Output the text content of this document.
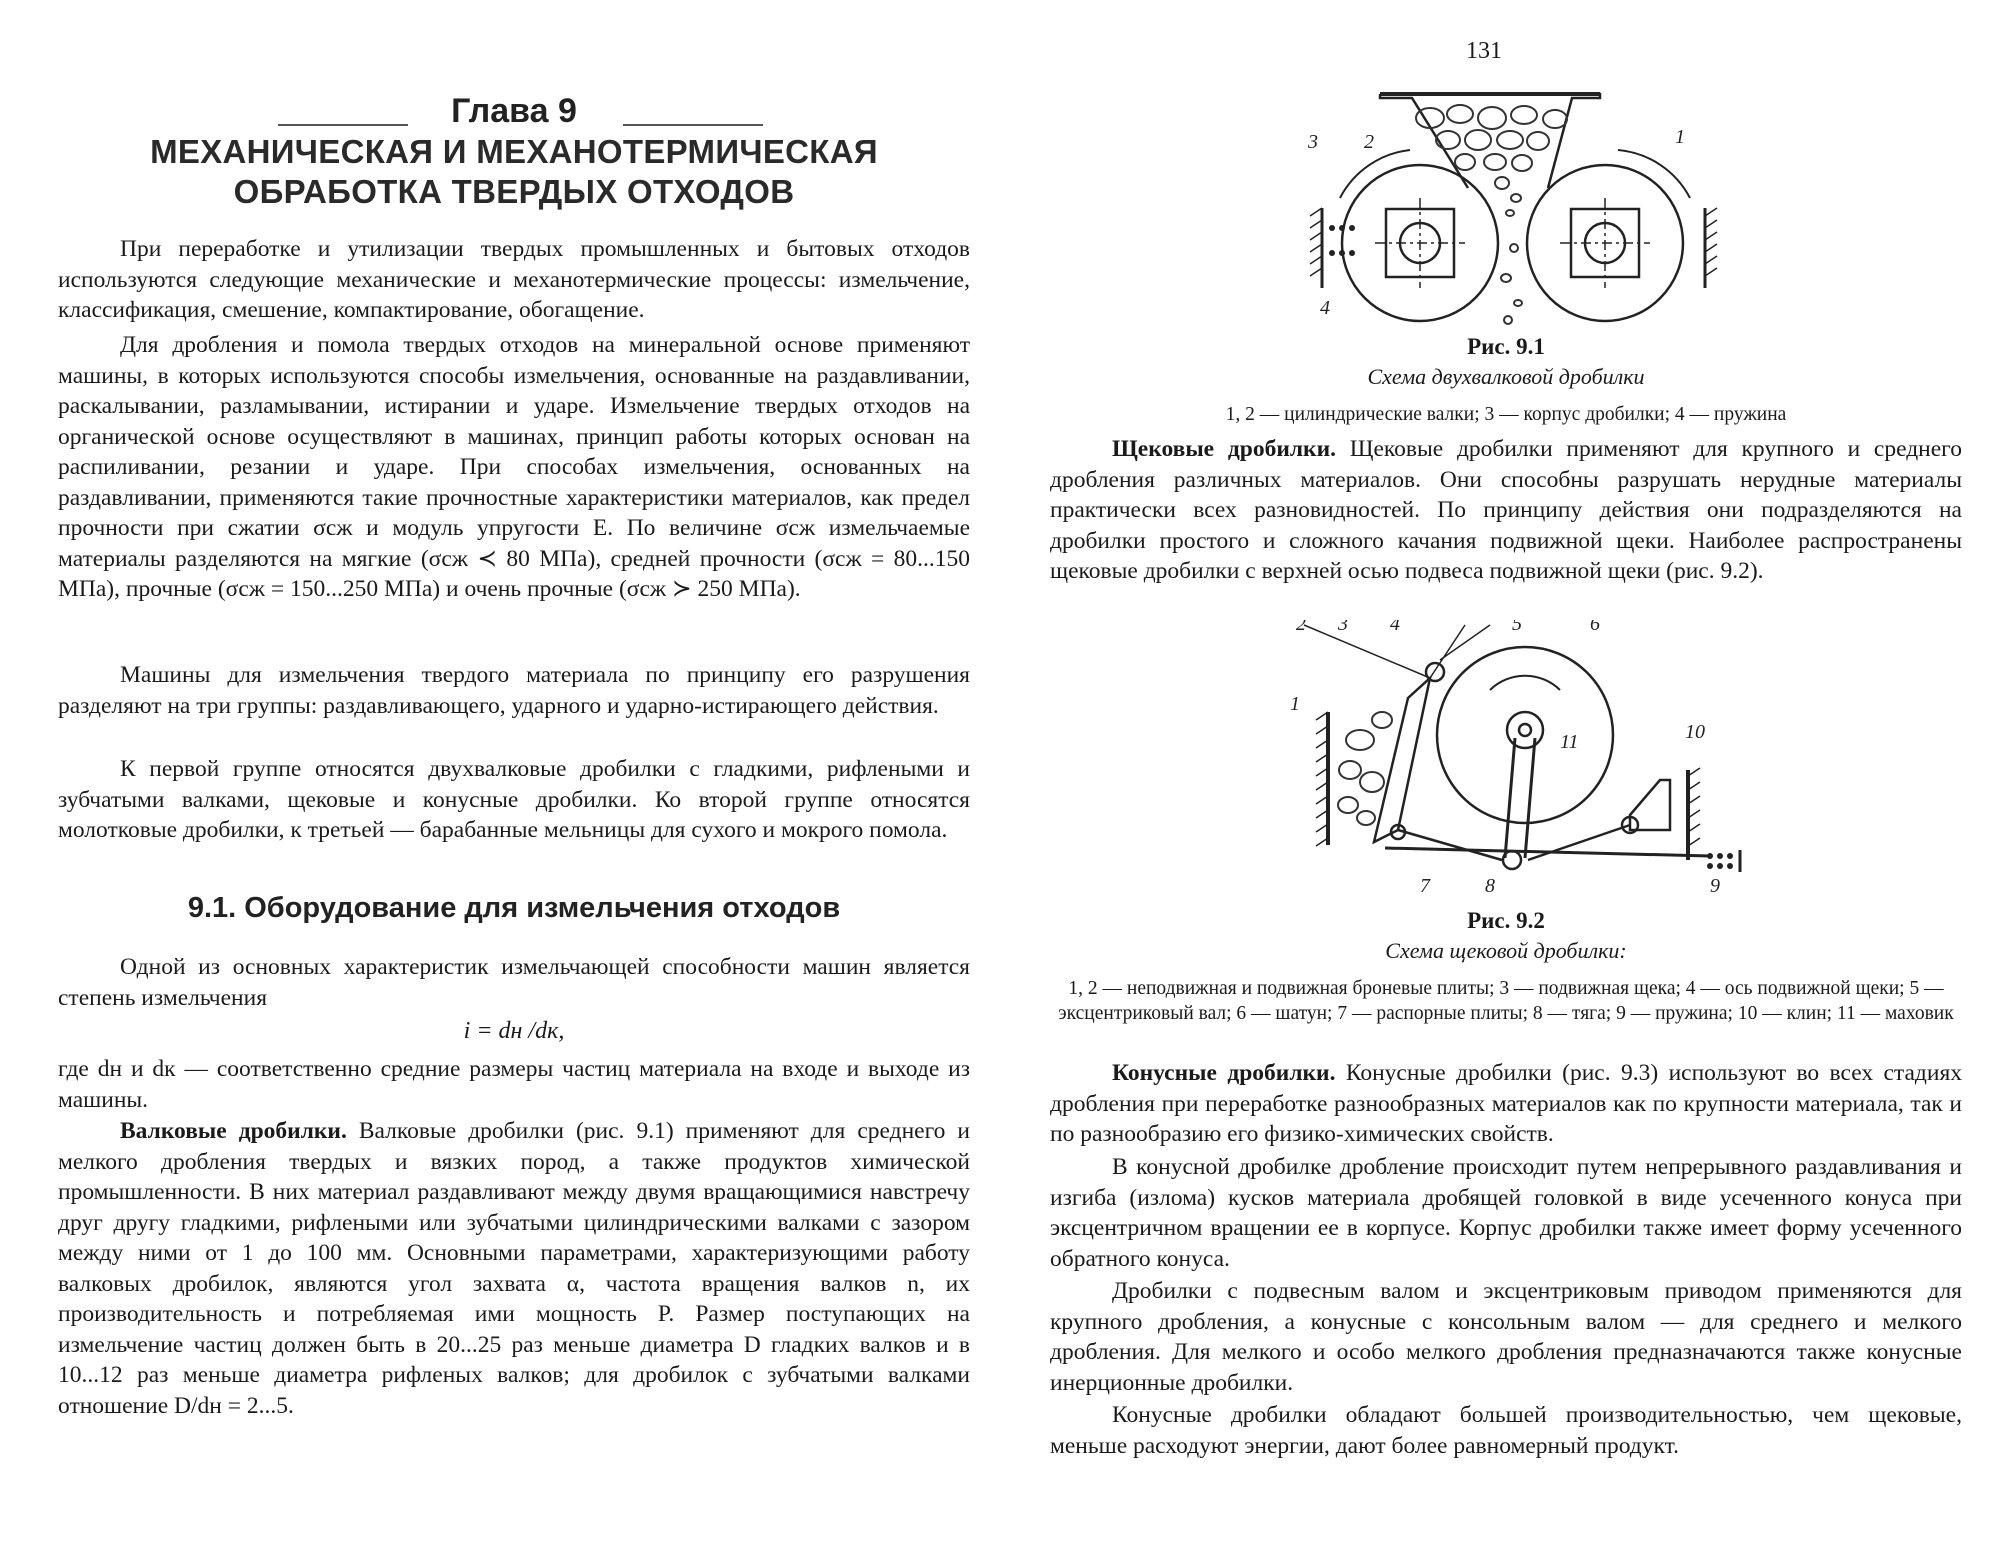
Глава 9
МЕХАНИЧЕСКАЯ И МЕХАНОТЕРМИЧЕСКАЯ
ОБРАБОТКА ТВЕРДЫХ ОТХОДОВ
При переработке и утилизации твердых промышленных и бытовых отходов используются следующие механические и механотермические процессы: измельчение, классификация, смешение, компактирование, обогащение.
Для дробления и помола твердых отходов на минеральной основе применяют машины, в которых используются способы измельчения, основанные на раздавливании, раскалывании, разламывании, истирании и ударе. Измельчение твердых отходов на органической основе осуществляют в машинах, принцип работы которых основан на распиливании, резании и ударе. При способах измельчения, основанных на раздавливании, применяются такие прочностные характеристики материалов, как предел прочности при сжатии σсж и модуль упругости E. По величине σсж измельчаемые материалы разделяются на мягкие (σсж ≺ 80 МПа), средней прочности (σсж = 80...150 МПа), прочные (σсж = 150...250 МПа) и очень прочные (σсж ≻ 250 МПа).
Машины для измельчения твердого материала по принципу его разрушения разделяют на три группы: раздавливающего, ударного и ударно-истирающего действия.
К первой группе относятся двухвалковые дробилки с гладкими, рифлеными и зубчатыми валками, щековые и конусные дробилки. Ко второй группе относятся молотковые дробилки, к третьей — барабанные мельницы для сухого и мокрого помола.
9.1. Оборудование для измельчения отходов
Одной из основных характеристик измельчающей способности машин является степень измельчения
i = dн /dк,
где dн и dк — соответственно средние размеры частиц материала на входе и выходе из машины.
Валковые дробилки. Валковые дробилки (рис. 9.1) применяют для среднего и мелкого дробления твердых и вязких пород, а также продуктов химической промышленности. В них материал раздавливают между двумя вращающимися навстречу друг другу гладкими, рифлеными или зубчатыми цилиндрическими валками с зазором между ними от 1 до 100 мм. Основными параметрами, характеризующими работу валковых дробилок, являются угол захвата α, частота вращения валков n, их производительность и потребляемая ими мощность P. Размер поступающих на измельчение частиц должен быть в 20...25 раз меньше диаметра D гладких валков и в 10...12 раз меньше диаметра рифленых валков; для дробилок с зубчатыми валками отношение D/dн = 2...5.
131
3 2	1
4
Рис. 9.1
Схема двухвалковой дробилки
1, 2 — цилиндрические валки; 3 — корпус дробилки; 4 — пружина
Щековые дробилки. Щековые дробилки применяют для крупного и среднего дробления различных материалов. Они способны разрушать нерудные материалы практически всех разновидностей. По принципу действия они подразделяются на дробилки простого и сложного качания подвижной щеки. Наиболее распространены щековые дробилки с верхней осью подвеса подвижной щеки (рис. 9.2).
2 3 4	5	6
1
11	10
7	8	9
Рис. 9.2
Схема щековой дробилки:
1, 2 — неподвижная и подвижная броневые плиты; 3 — подвижная щека; 4 — ось подвижной щеки; 5 — эксцентриковый вал; 6 — шатун; 7 — распорные плиты; 8 — тяга; 9 — пружина; 10 — клин; 11 — маховик
Конусные дробилки. Конусные дробилки (рис. 9.3) используют во всех стадиях дробления при переработке разнообразных материалов как по крупности материала, так и по разнообразию его физико-химических свойств.
В конусной дробилке дробление происходит путем непрерывного раздавливания и изгиба (излома) кусков материала дробящей головкой в виде усеченного конуса при эксцентричном вращении ее в корпусе. Корпус дробилки также имеет форму усеченного обратного конуса.
Дробилки с подвесным валом и эксцентриковым приводом применяются для крупного дробления, а конусные с консольным валом — для среднего и мелкого дробления. Для мелкого и особо мелкого дробления предназначаются также конусные инерционные дробилки.
Конусные дробилки обладают большей производительностью, чем щековые, меньше расходуют энергии, дают более равномерный продукт.
